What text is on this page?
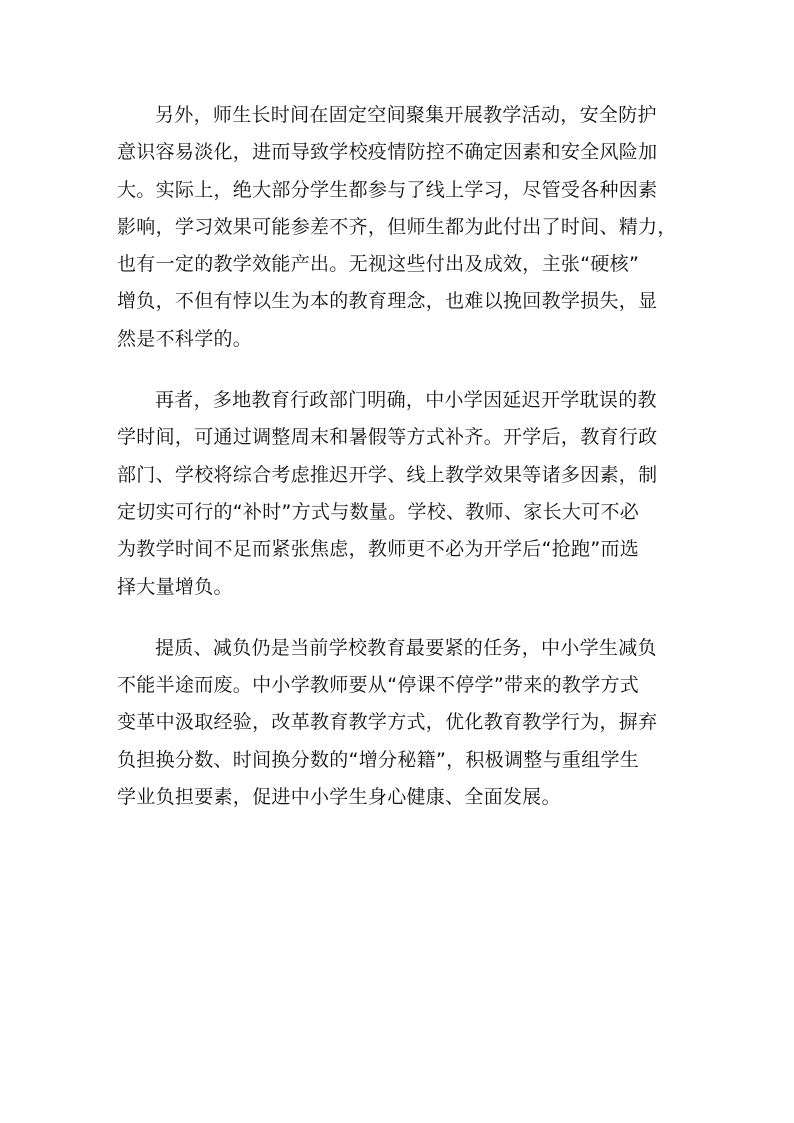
另外，师生长时间在固定空间聚集开展教学活动，安全防护
意识容易淡化，进而导致学校疫情防控不确定因素和安全风险加
大。实际上，绝大部分学生都参与了线上学习，尽管受各种因素
影响，学习效果可能参差不齐，但师生都为此付出了时间、精力，
也有一定的教学效能产出。无视这些付出及成效，主张“硬核”
增负，不但有悖以生为本的教育理念，也难以挽回教学损失，显
然是不科学的。

再者，多地教育行政部门明确，中小学因延迟开学耽误的教
学时间，可通过调整周末和暑假等方式补齐。开学后，教育行政
部门、学校将综合考虑推迟开学、线上教学效果等诸多因素，制
定切实可行的“补时”方式与数量。学校、教师、家长大可不必
为教学时间不足而紧张焦虑，教师更不必为开学后“抢跑”而选
择大量增负。

提质、减负仍是当前学校教育最要紧的任务，中小学生减负
不能半途而废。中小学教师要从“停课不停学”带来的教学方式
变革中汲取经验，改革教育教学方式，优化教育教学行为，摒弃
负担换分数、时间换分数的“增分秘籍”，积极调整与重组学生
学业负担要素，促进中小学生身心健康、全面发展。
